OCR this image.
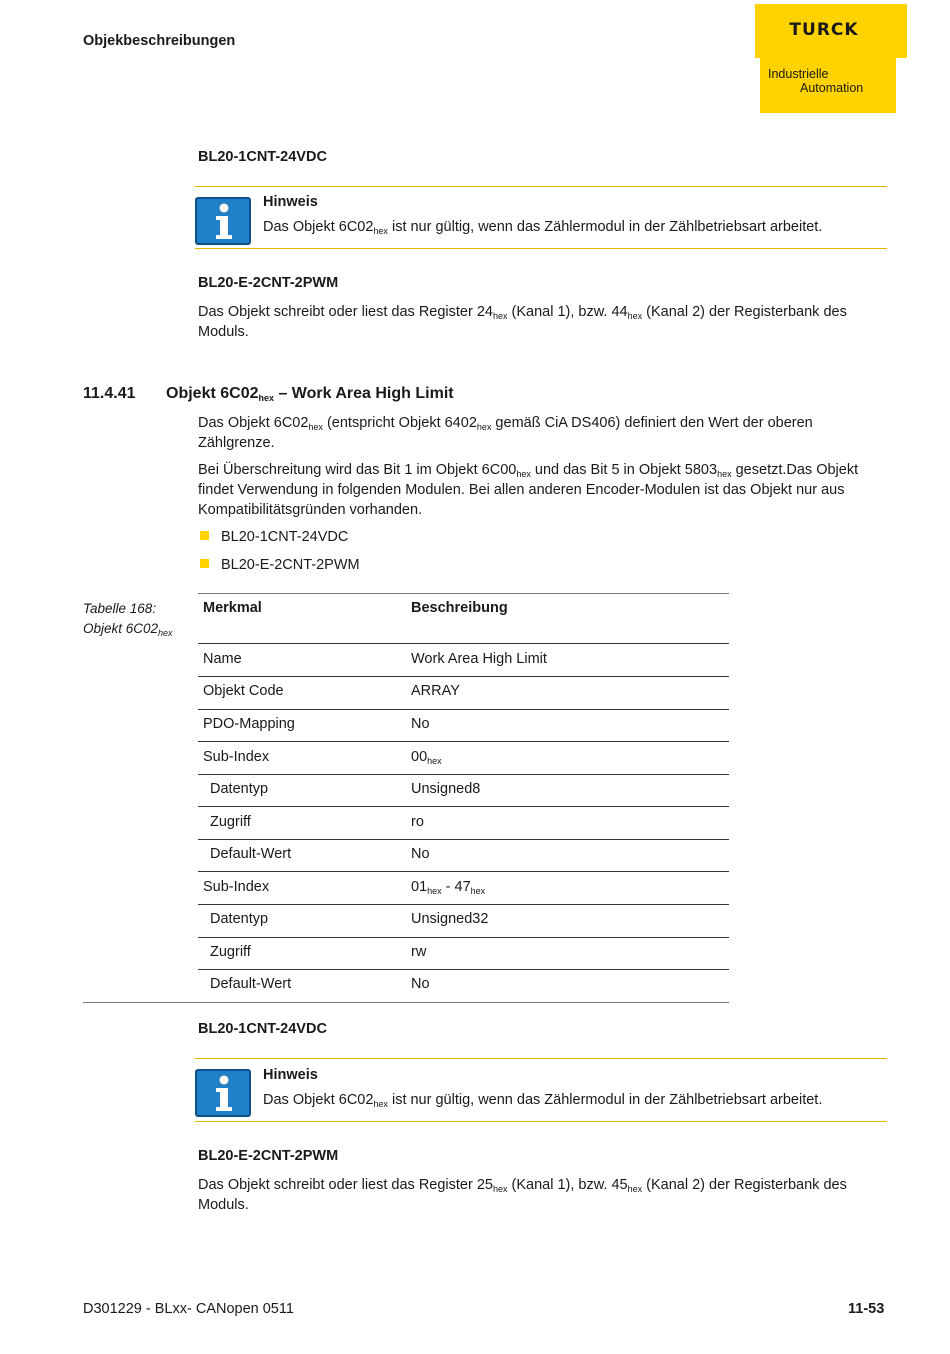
Objekbeschreibungen
TURCK
Industrielle
Automation
BL20-1CNT-24VDC
Hinweis
Das Objekt $6C02_{hex}$ ist nur gültig, wenn das Zählermodul in der Zählbetriebsart arbeitet.
BL20-E-2CNT-2PWM
Das Objekt schreibt oder liest das Register $24_{hex}$ (Kanal 1), bzw. $44_{hex}$ (Kanal 2) der Registerbank des
Moduls.
11.4.41 Objekt $6C02_{hex}$ – Work Area High Limit
Das Objekt $6C02_{hex}$ (entspricht Objekt $6402_{hex}$ gemäß CiA DS406) definiert den Wert der oberen
Zählgrenze.
Bei Überschreitung wird das Bit 1 im Objekt $6C00_{hex}$ und das Bit 5 in Objekt $5803_{hex}$ gesetzt.Das Objekt
findet Verwendung in folgenden Modulen. Bei allen anderen Encoder-Modulen ist das Objekt nur aus
Kompatibilitätsgründen vorhanden.
BL20-1CNT-24VDC
BL20-E-2CNT-2PWM
Tabelle 168:
Objekt $6C02_{hex}$
Merkmal	Beschreibung
Name	Work Area High Limit
Objekt Code	ARRAY
PDO-Mapping	No
Sub-Index	$00_{hex}$
Datentyp	Unsigned8
Zugriff	ro
Default-Wert	No
Sub-Index	$01_{hex} - 47_{hex}$
Datentyp	Unsigned32
Zugriff	rw
Default-Wert	No
BL20-1CNT-24VDC
Hinweis
Das Objekt $6C02_{hex}$ ist nur gültig, wenn das Zählermodul in der Zählbetriebsart arbeitet.
BL20-E-2CNT-2PWM
Das Objekt schreibt oder liest das Register $25_{hex}$ (Kanal 1), bzw. $45_{hex}$ (Kanal 2) der Registerbank des
Moduls.
D301229 - BLxx- CANopen 0511	11-53
